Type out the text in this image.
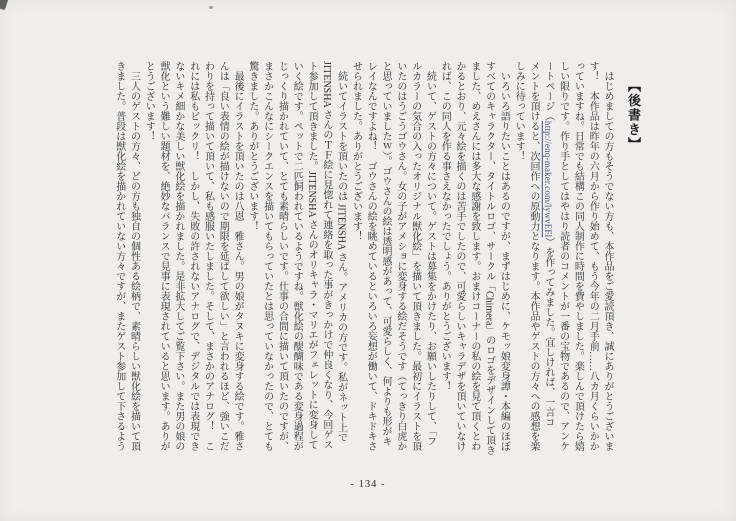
【後書き】
　はじめましての方もそうでない方も、本作品をご愛読頂き、誠にありがとうございま
す！　本作品は昨年の六月から作り始めて、もう今年の二月手前……八カ月くらいかか
っていますね。日常でも結構この同人制作に時間を費やしました。楽しんで頂けたら嬉
しい限りです。作り手としてはやはり読者のコメントが一番の宝物であるので、アンケ
ートページ（http://enq-maker.com/lywvEFl）を作ってみました。宜しければ、一言コ
メントを頂けると、次回作への原動力となります。本作品やゲストの方々への感想を楽
しみに待っています！
　いろいろ語りたいことはあるのですが、まずはじめに、ケモッ娘変身譚・本編のほぼ
すべてのキャラクター、タイトルロゴ、サークル「Chimera」のロゴをデザインして頂き
ました、めえさんには多大な感謝を致します。おまけコーナーの私の絵を見て頂くとわ
かるとおり、元々絵を描くのは苦手でしたので、可愛らしいキャラデザを頂いていなけ
れば、この同人を作る事さえなかったでしょう。ありがとうございます！
　続いて、ゲストの方々について。ゲストは募集をかけたり、お願いしたりして、「フ
ルカラーの気合の入ったオリジナル獣化絵」を描いて頂きました。最初にイラストを頂
いたのはうごうゴウさん。女の子がアメショに変身する絵だそうです（てっきり白虎か
と思っていましたｗ）。ゴウさんの絵は透明感があって、可愛らしく、何よりも形がキ
レイなんですよね！　ゴウさんの絵を眺めているといろいろ妄想が働いて、ドキドキさ
せられました。ありがとうございます！
　続いてイラストを頂いたのは JITENSHA さん。アメリカの方です。私がネット上で
JITENSHA さんのＴＦ絵に見惚れて連絡を取った事がきっかけで仲良くなり、今回ゲス
ト参加して頂きました。JITENSHA さんのオリキャラ・マリエがフェレットに変身して
いく絵です。ペットで二匹飼われているようですね。獣化絵の醍醐味である変身過程が
じっくり描かれていて、とても素晴らしいです。仕事の合間に描いて頂いたのですが、
まさかこんなにシークエンスを描いてもらっていたとは思っていなかったので、とても
驚きました。ありがとうございます！
　最後にイラストを頂いたのは八恩　雅さん。男の娘がタヌキに変身する絵です。雅さ
んは「良い表情の絵が描けないので期限を延ばして欲しい」と言われるほど、強いこだ
わりを持って描いて頂いて、私も感服いたしました。そして、まさかのアナログ！　こ
れには私もビックリ！　しかし、失敗の許されないアナログで、デジタルでは表現でき
ないキメ細かな美しい獣化絵を描かれました。是非拡大してご覧下さい。また男の娘の
獣化という難しい題材を、絶妙なバランスで見事に表現されていると思います。ありが
とうございます！
　三人のゲストの方々、どの方も独自の個性ある絵柄で、素晴らしい獣化絵を描いて頂
きました。普段は獣化絵を描かれていない方々ですが、またゲスト参加して下さるよう
- 134 -
